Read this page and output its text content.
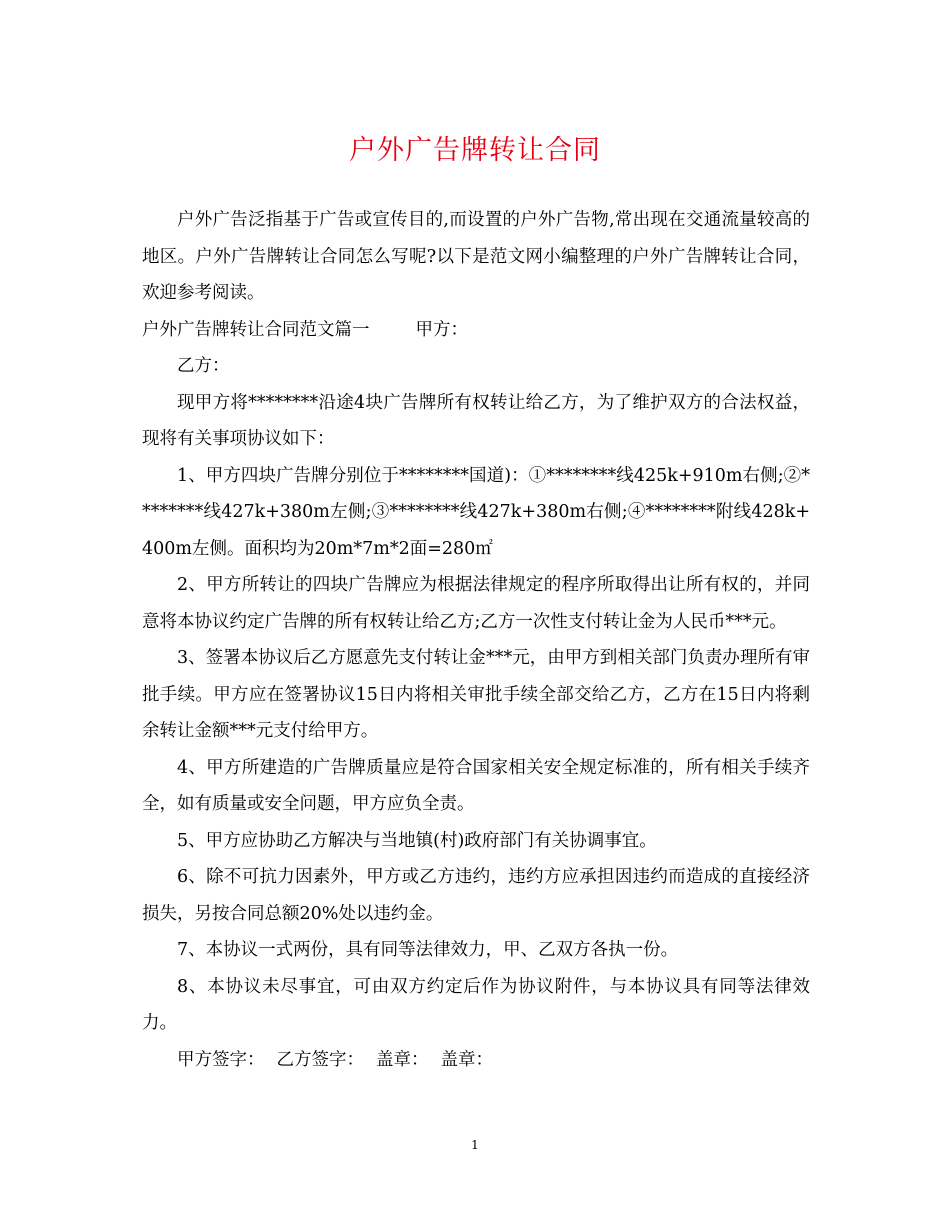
户外广告牌转让合同

户外广告泛指基于广告或宣传目的,而设置的户外广告物,常出现在交通流量较高的地区。户外广告牌转让合同怎么写呢?以下是范文网小编整理的户外广告牌转让合同，欢迎参考阅读。

户外广告牌转让合同范文篇一	甲方：

乙方：

现甲方将********沿途4块广告牌所有权转让给乙方，为了维护双方的合法权益，现将有关事项协议如下：

1、甲方四块广告牌分别位于********国道)：①********线425k+910m右侧;②********线427k+380m左侧;③********线427k+380m右侧;④********附线428k+400m左侧。面积均为20m*7m*2面=280㎡

2、甲方所转让的四块广告牌应为根据法律规定的程序所取得出让所有权的，并同意将本协议约定广告牌的所有权转让给乙方;乙方一次性支付转让金为人民币***元。

3、签署本协议后乙方愿意先支付转让金***元，由甲方到相关部门负责办理所有审批手续。甲方应在签署协议15日内将相关审批手续全部交给乙方，乙方在15日内将剩余转让金额***元支付给甲方。

4、甲方所建造的广告牌质量应是符合国家相关安全规定标准的，所有相关手续齐全，如有质量或安全问题，甲方应负全责。

5、甲方应协助乙方解决与当地镇(村)政府部门有关协调事宜。

6、除不可抗力因素外，甲方或乙方违约，违约方应承担因违约而造成的直接经济损失，另按合同总额20%处以违约金。

7、本协议一式两份，具有同等法律效力，甲、乙双方各执一份。

8、本协议未尽事宜，可由双方约定后作为协议附件，与本协议具有同等法律效力。

甲方签字： 乙方签字： 盖章： 盖章：

1
